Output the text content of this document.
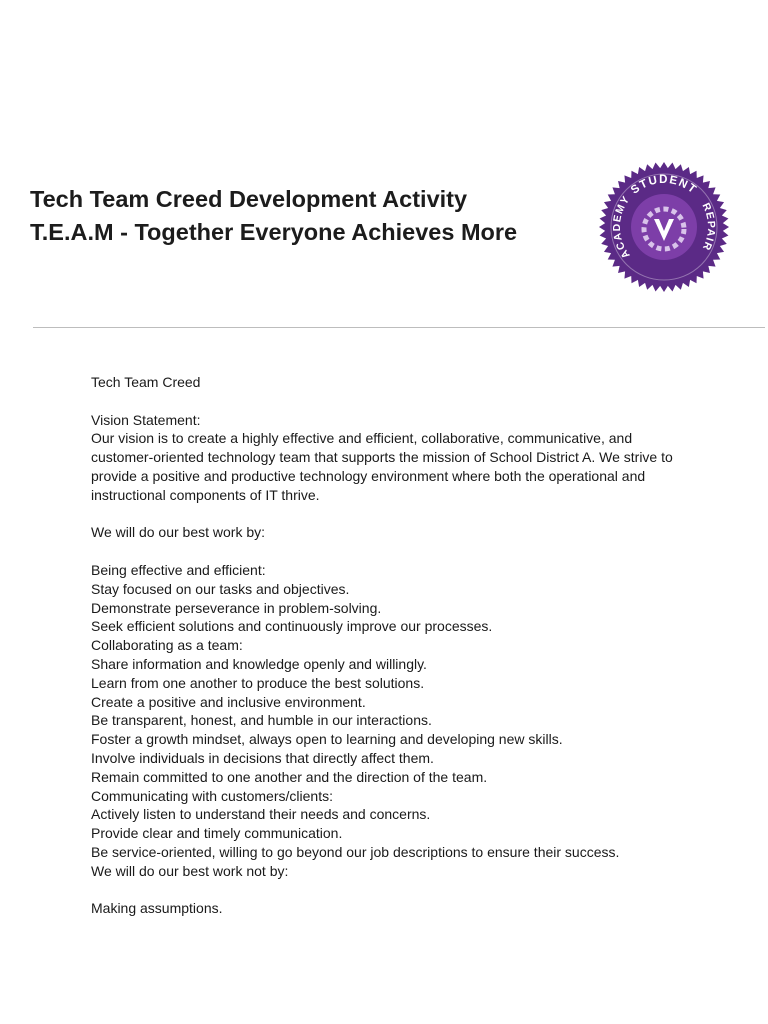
Tech Team Creed Development Activity
T.E.A.M - Together Everyone Achieves More
STUDENT
REPAIR
ACADEMY

Tech Team Creed

Vision Statement:

Our vision is to create a highly effective and efficient, collaborative, communicative, and

customer-oriented technology team that supports the mission of School District A. We strive to

provide a positive and productive technology environment where both the operational and

instructional components of IT thrive.

We will do our best work by:

Being effective and efficient:

Stay focused on our tasks and objectives.

Demonstrate perseverance in problem-solving.

Seek efficient solutions and continuously improve our processes.

Collaborating as a team:

Share information and knowledge openly and willingly.

Learn from one another to produce the best solutions.

Create a positive and inclusive environment.

Be transparent, honest, and humble in our interactions.

Foster a growth mindset, always open to learning and developing new skills.

Involve individuals in decisions that directly affect them.

Remain committed to one another and the direction of the team.

Communicating with customers/clients:

Actively listen to understand their needs and concerns.

Provide clear and timely communication.

Be service-oriented, willing to go beyond our job descriptions to ensure their success.

We will do our best work not by:

Making assumptions.
